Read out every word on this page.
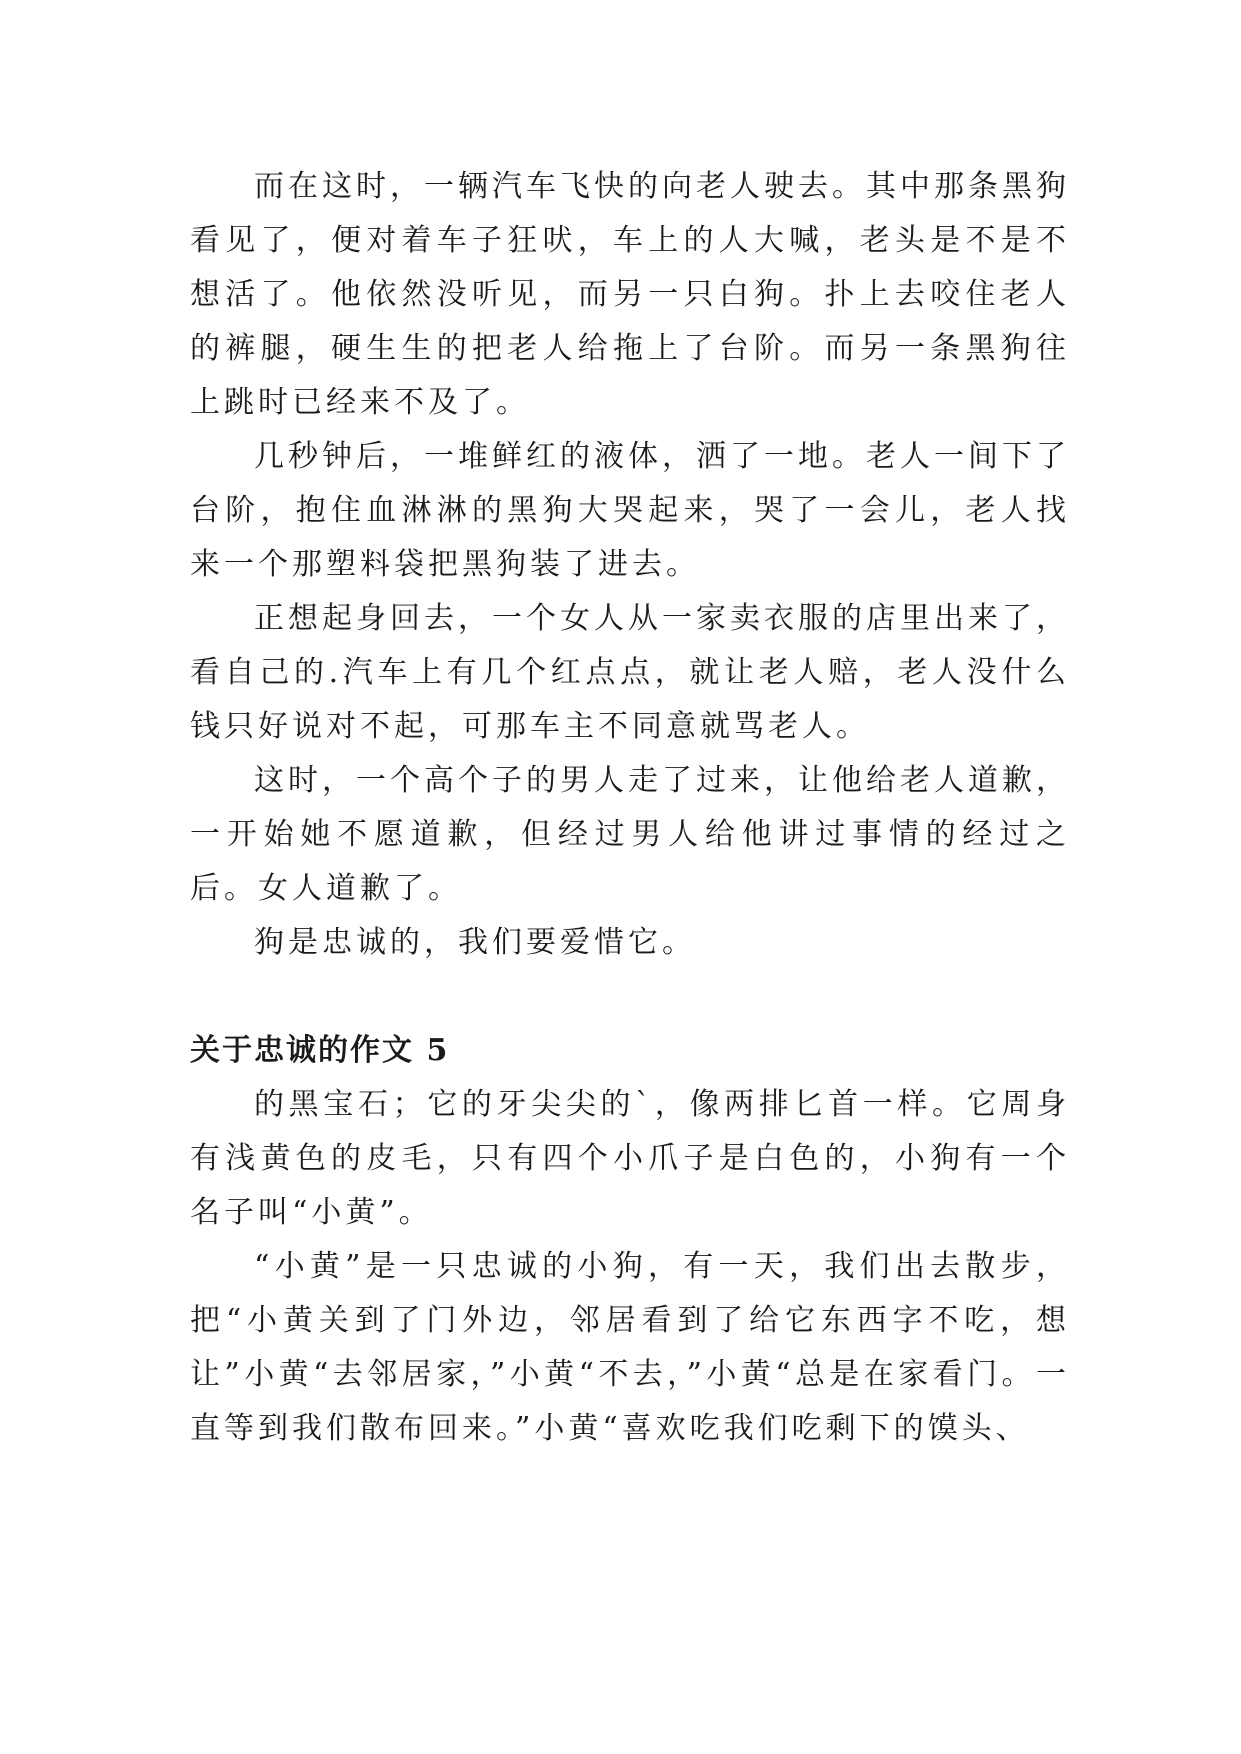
而在这时，一辆汽车飞快的向老人驶去。其中那条黑狗看见了，便对着车子狂吠，车上的人大喊，老头是不是不想活了。他依然没听见，而另一只白狗。扑上去咬住老人的裤腿，硬生生的把老人给拖上了台阶。而另一条黑狗往上跳时已经来不及了。

几秒钟后，一堆鲜红的液体，洒了一地。老人一间下了台阶，抱住血淋淋的黑狗大哭起来，哭了一会儿，老人找来一个那塑料袋把黑狗装了进去。

正想起身回去，一个女人从一家卖衣服的店里出来了，看自己的.汽车上有几个红点点，就让老人赔，老人没什么钱只好说对不起，可那车主不同意就骂老人。

这时，一个高个子的男人走了过来，让他给老人道歉，一开始她不愿道歉，但经过男人给他讲过事情的经过之后。女人道歉了。

狗是忠诚的，我们要爱惜它。

关于忠诚的作文 5

的黑宝石；它的牙尖尖的`，像两排匕首一样。它周身有浅黄色的皮毛，只有四个小爪子是白色的，小狗有一个名子叫“小黄”。

“小黄”是一只忠诚的小狗，有一天，我们出去散步，把“小黄关到了门外边，邻居看到了给它东西字不吃，想让”小黄“去邻居家，”小黄“不去，”小黄“总是在家看门。一直等到我们散布回来。”小黄“喜欢吃我们吃剩下的馍头、
